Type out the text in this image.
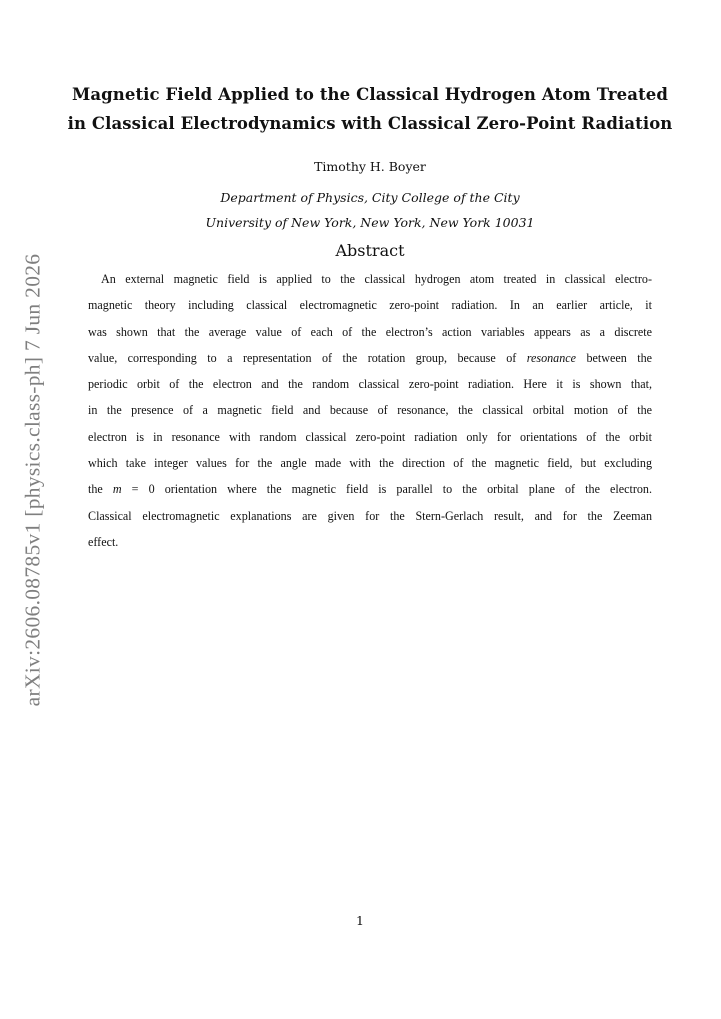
Magnetic Field Applied to the Classical Hydrogen Atom Treated
in Classical Electrodynamics with Classical Zero-Point Radiation
Timothy H. Boyer
Department of Physics, City College of the City
University of New York, New York, New York 10031
Abstract
An external magnetic field is applied to the classical hydrogen atom treated in classical electro-
magnetic theory including classical electromagnetic zero-point radiation. In an earlier article, it
was shown that the average value of each of the electron’s action variables appears as a discrete
value, corresponding to a representation of the rotation group, because of resonance between the
periodic orbit of the electron and the random classical zero-point radiation. Here it is shown that,
in the presence of a magnetic field and because of resonance, the classical orbital motion of the
electron is in resonance with random classical zero-point radiation only for orientations of the orbit
which take integer values for the angle made with the direction of the magnetic field, but excluding
the m = 0 orientation where the magnetic field is parallel to the orbital plane of the electron.
Classical electromagnetic explanations are given for the Stern-Gerlach result, and for the Zeeman
effect.
arXiv:2606.08785v1 [physics.class-ph] 7 Jun 2026
1
